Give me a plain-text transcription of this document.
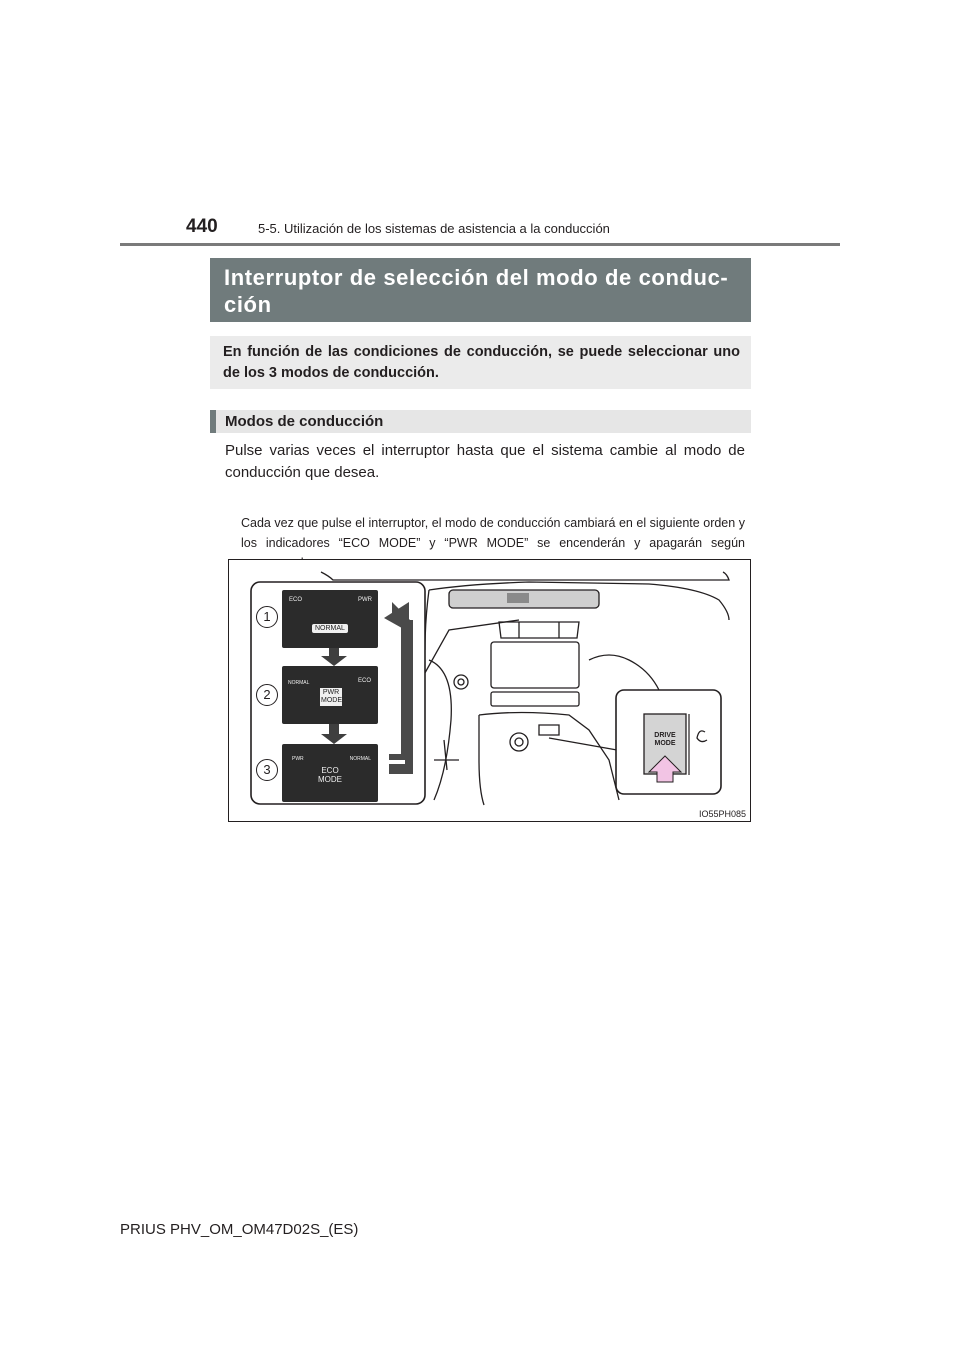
440	5-5. Utilización de los sistemas de asistencia a la conducción
Interruptor de selección del modo de conduc-ción
En función de las condiciones de conducción, se puede seleccionar uno de los 3 modos de conducción.
Modos de conducción
Pulse varias veces el interruptor hasta que el sistema cambie al modo de conducción que desea.
Cada vez que pulse el interruptor, el modo de conducción cambiará en el siguiente orden y los indicadores “ECO MODE” y “PWR MODE” se encenderán y apagarán según
ECO	PWR
NORMAL
NORMAL	ECO
PWR MODE
PWR	NORMAL
ECO MODE
1
2
3
DRIVE
MODE
IO55PH085
PRIUS PHV_OM_OM47D02S_(ES)
